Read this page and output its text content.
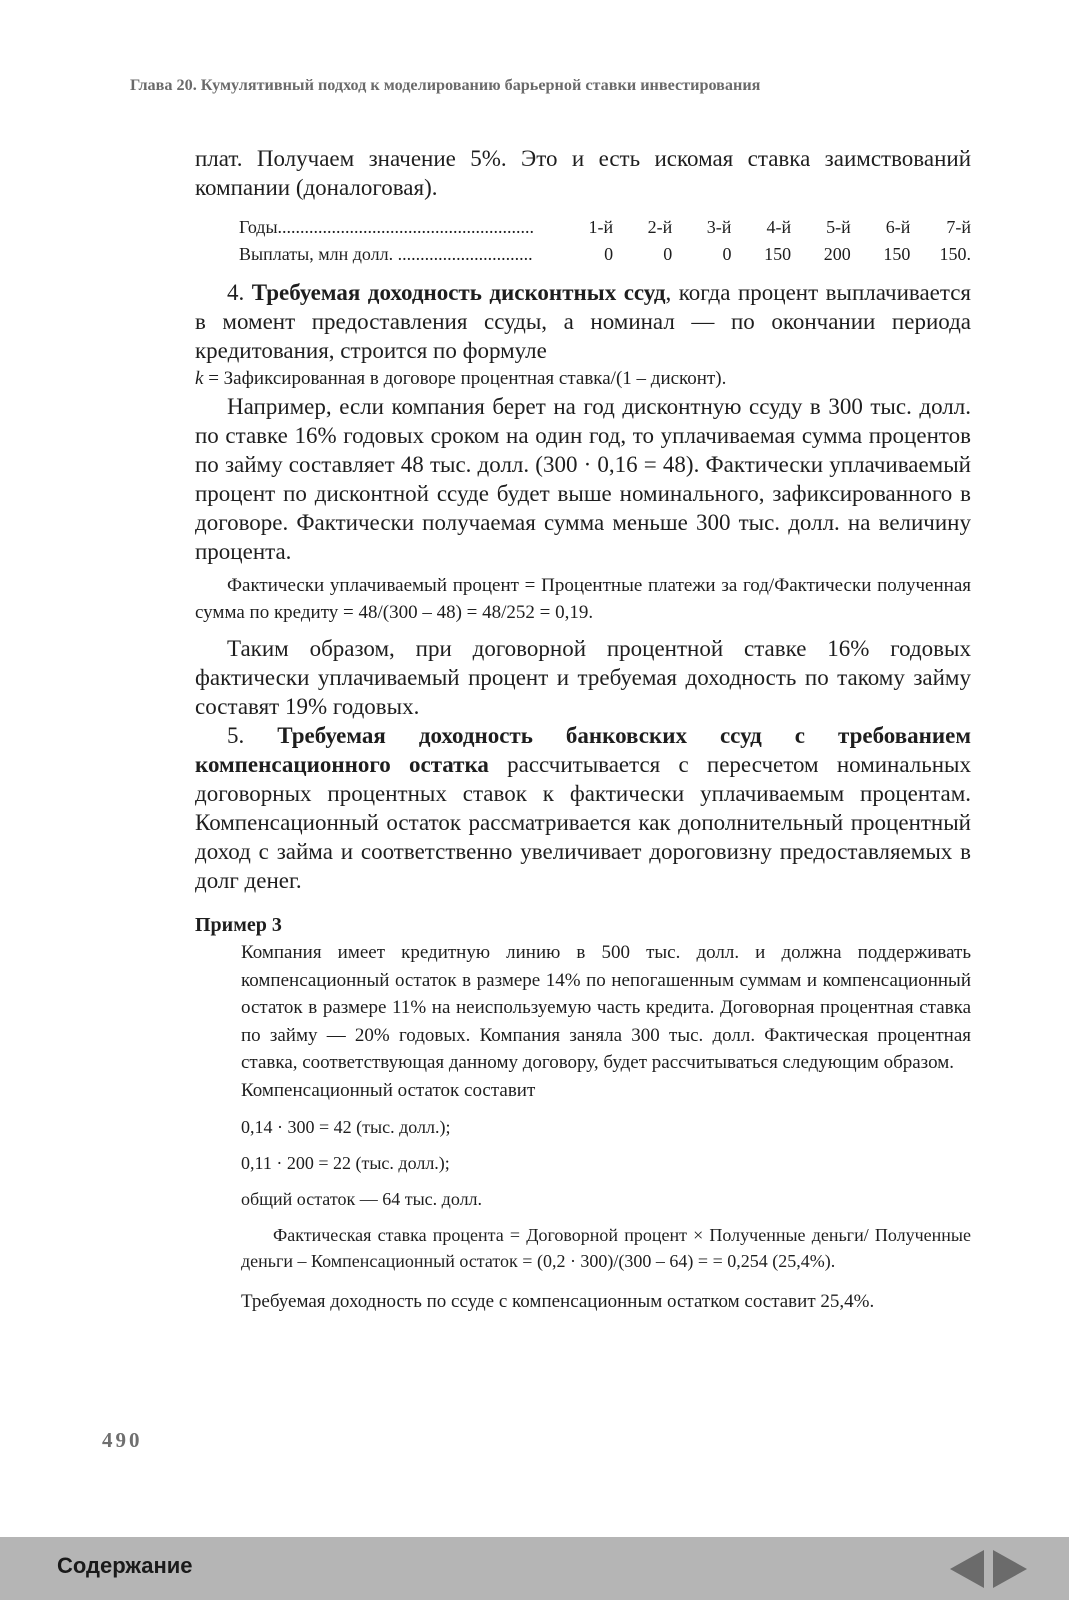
Глава 20. Кумулятивный подход к моделированию барьерной ставки инвестирования

плат. Получаем значение 5%. Это и есть искомая ставка заимствований компании (доналоговая).

Годы.........................................................	1-й	2-й	3-й	4-й	5-й	6-й	7-й
Выплаты, млн долл. ..............................	0	0	0	150	200	150	150.

4. Требуемая доходность дисконтных ссуд, когда процент выплачивается в момент предоставления ссуды, а номинал — по окончании периода кредитования, строится по формуле

k = Зафиксированная в договоре процентная ставка/(1 – дисконт).

Например, если компания берет на год дисконтную ссуду в 300 тыс. долл. по ставке 16% годовых сроком на один год, то уплачиваемая сумма процентов по займу составляет 48 тыс. долл. (300 · 0,16 = 48). Фактически уплачиваемый процент по дисконтной ссуде будет выше номинального, зафиксированного в договоре. Фактически получаемая сумма меньше 300 тыс. долл. на величину процента.

Фактически уплачиваемый процент = Процентные платежи за год/Фактически полученная сумма по кредиту = 48/(300 – 48) = 48/252 = 0,19.

Таким образом, при договорной процентной ставке 16% годовых фактически уплачиваемый процент и требуемая доходность по такому займу составят 19% годовых.

5. Требуемая доходность банковских ссуд с требованием компенсационного остатка рассчитывается с пересчетом номинальных договорных процентных ставок к фактически уплачиваемым процентам. Компенсационный остаток рассматривается как дополнительный процентный доход с займа и соответственно увеличивает дороговизну предоставляемых в долг денег.

Пример 3

Компания имеет кредитную линию в 500 тыс. долл. и должна поддерживать компенсационный остаток в размере 14% по непогашенным суммам и компенсационный остаток в размере 11% на неиспользуемую часть кредита. Договорная процентная ставка по займу — 20% годовых. Компания заняла 300 тыс. долл. Фактическая процентная ставка, соответствующая данному договору, будет рассчитываться следующим образом.

Компенсационный остаток составит

0,14 · 300 = 42 (тыс. долл.);

0,11 · 200 = 22 (тыс. долл.);

общий остаток — 64 тыс. долл.

Фактическая ставка процента = Договорной процент × Полученные деньги/ Полученные деньги – Компенсационный остаток = (0,2 · 300)/(300 – 64) = = 0,254 (25,4%).

Требуемая доходность по ссуде с компенсационным остатком составит 25,4%.

490
Содержание
